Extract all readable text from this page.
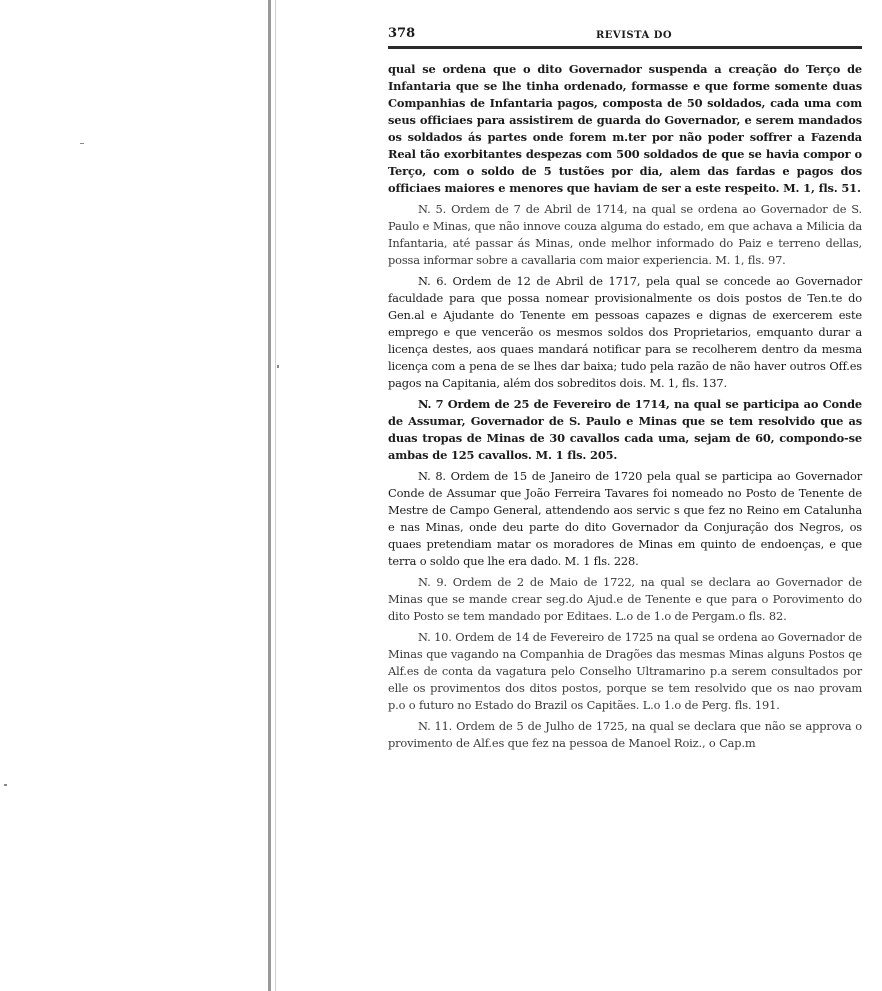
378	REVISTA DO

qual se ordena que o dito Governador suspenda a creação do Terço de Infantaria que se lhe tinha ordenado, formasse e que forme somente duas Companhias de Infantaria pagos, composta de 50 soldados, cada uma com seus officiaes para assistirem de guarda do Governador, e serem mandados os soldados ás partes onde forem m.ter por não poder soffrer a Fazenda Real tão exorbitantes despezas com 500 soldados de que se havia compor o Terço, com o soldo de 5 tustões por dia, alem das fardas e pagos dos officiaes maiores e menores que haviam de ser a este respeito. M. 1, fls. 51.

N. 5. Ordem de 7 de Abril de 1714, na qual se ordena ao Governador de S. Paulo e Minas, que não innove couza alguma do estado, em que achava a Milicia da Infantaria, até passar ás Minas, onde melhor informado do Paiz e terreno dellas, possa informar sobre a cavallaria com maior experiencia. M. 1, fls. 97.

N. 6. Ordem de 12 de Abril de 1717, pela qual se concede ao Governador faculdade para que possa nomear provisionalmente os dois postos de Ten.te do Gen.al e Ajudante do Tenente em pessoas capazes e dignas de exercerem este emprego e que vencerão os mesmos soldos dos Proprietarios, emquanto durar a licença destes, aos quaes mandará notificar para se recolherem dentro da mesma licença com a pena de se lhes dar baixa; tudo pela razão de não haver outros Off.es pagos na Capitania, além dos sobreditos dois. M. 1, fls. 137.

N. 7 Ordem de 25 de Fevereiro de 1714, na qual se participa ao Conde de Assumar, Governador de S. Paulo e Minas que se tem resolvido que as duas tropas de Minas de 30 cavallos cada uma, sejam de 60, compondo-se ambas de 125 cavallos. M. 1 fls. 205.

N. 8. Ordem de 15 de Janeiro de 1720 pela qual se participa ao Governador Conde de Assumar que João Ferreira Tavares foi nomeado no Posto de Tenente de Mestre de Campo General, attendendo aos servic s que fez no Reino em Catalunha e nas Minas, onde deu parte do dito Governador da Conjuração dos Negros, os quaes pretendiam matar os moradores de Minas em quinto de endoenças, e que terra o soldo que lhe era dado. M. 1 fls. 228.

N. 9. Ordem de 2 de Maio de 1722, na qual se declara ao Governador de Minas que se mande crear seg.do Ajud.e de Tenente e que para o Porovimento do dito Posto se tem mandado por Editaes. L.o de 1.o de Pergam.o fls. 82.

N. 10. Ordem de 14 de Fevereiro de 1725 na qual se ordena ao Governador de Minas que vagando na Companhia de Dragões das mesmas Minas alguns Postos qe Alf.es de conta da vagatura pelo Conselho Ultramarino p.a serem consultados por elle os provimentos dos ditos postos, porque se tem resolvido que os nao provam p.o o futuro no Estado do Brazil os Capitães. L.o 1.o de Perg. fls. 191.

N. 11. Ordem de 5 de Julho de 1725, na qual se declara que não se approva o provimento de Alf.es que fez na pessoa de Manoel Roiz., o Cap.m
